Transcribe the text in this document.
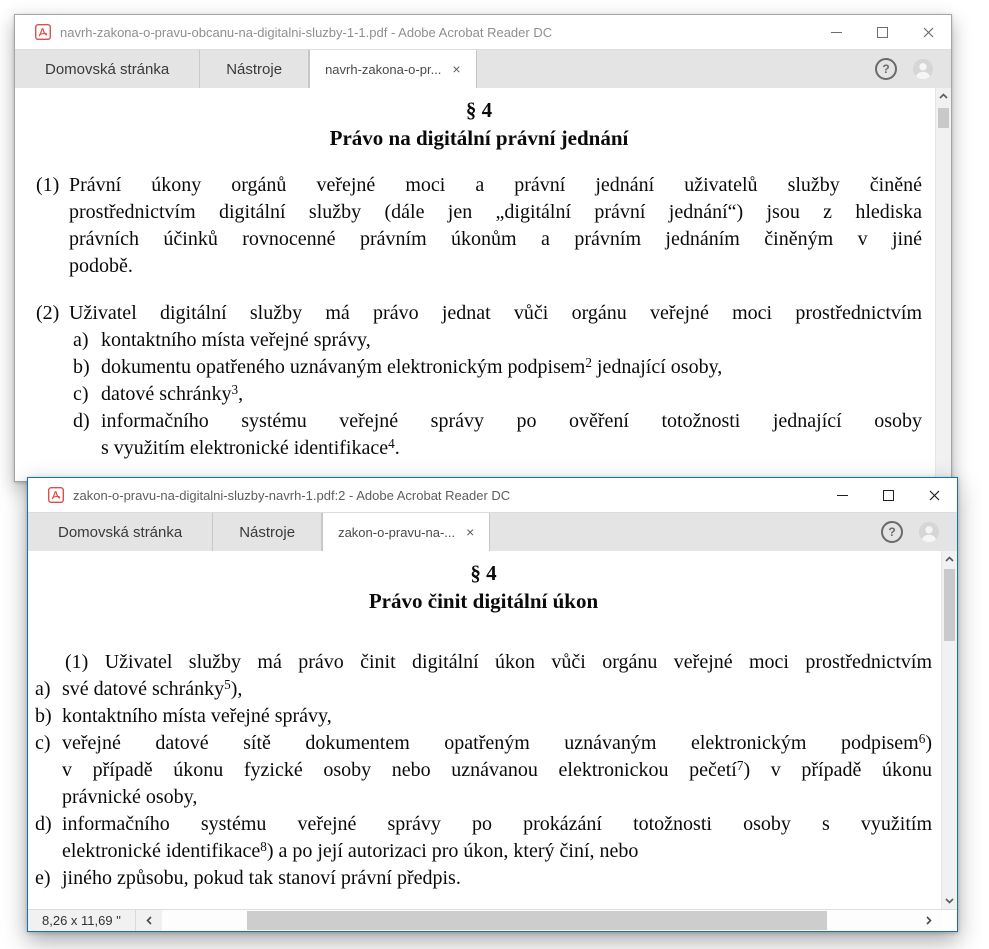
navrh-zakona-o-pravu-obcanu-na-digitalni-sluzby-1-1.pdf - Adobe Acrobat Reader DC
Domovská stránka	Nástroje	navrh-zakona-o-pr... ×	?
§ 4
Právo na digitální právní jednání
(1) Právní úkony orgánů veřejné moci a právní jednání uživatelů služby činěné
prostřednictvím digitální služby (dále jen „digitální právní jednání“) jsou z hlediska
právních účinků rovnocenné právním úkonům a právním jednáním činěným v jiné
podobě.
(2) Uživatel digitální služby má právo jednat vůči orgánu veřejné moci prostřednictvím
a) kontaktního místa veřejné správy,
b) dokumentu opatřeného uznávaným elektronickým podpisem$^2$ jednající osoby,
c) datové schránky$^3$,
d) informačního systému veřejné správy po ověření totožnosti jednající osoby
s využitím elektronické identifikace$^4$.
zakon-o-pravu-na-digitalni-sluzby-navrh-1.pdf:2 - Adobe Acrobat Reader DC
Domovská stránka	Nástroje	zakon-o-pravu-na-... ×	?
§ 4
Právo činit digitální úkon
(1) Uživatel služby má právo činit digitální úkon vůči orgánu veřejné moci prostřednictvím
a) své datové schránky$^5$),
b) kontaktního místa veřejné správy,
c) veřejné datové sítě dokumentem opatřeným uznávaným elektronickým podpisem$^6$)
v případě úkonu fyzické osoby nebo uznávanou elektronickou pečetí$^7$) v případě úkonu
právnické osoby,
d) informačního systému veřejné správy po prokázání totožnosti osoby s využitím
elektronické identifikace$^8$) a po její autorizaci pro úkon, který činí, nebo
e) jiného způsobu, pokud tak stanoví právní předpis.
8,26 x 11,69 "
